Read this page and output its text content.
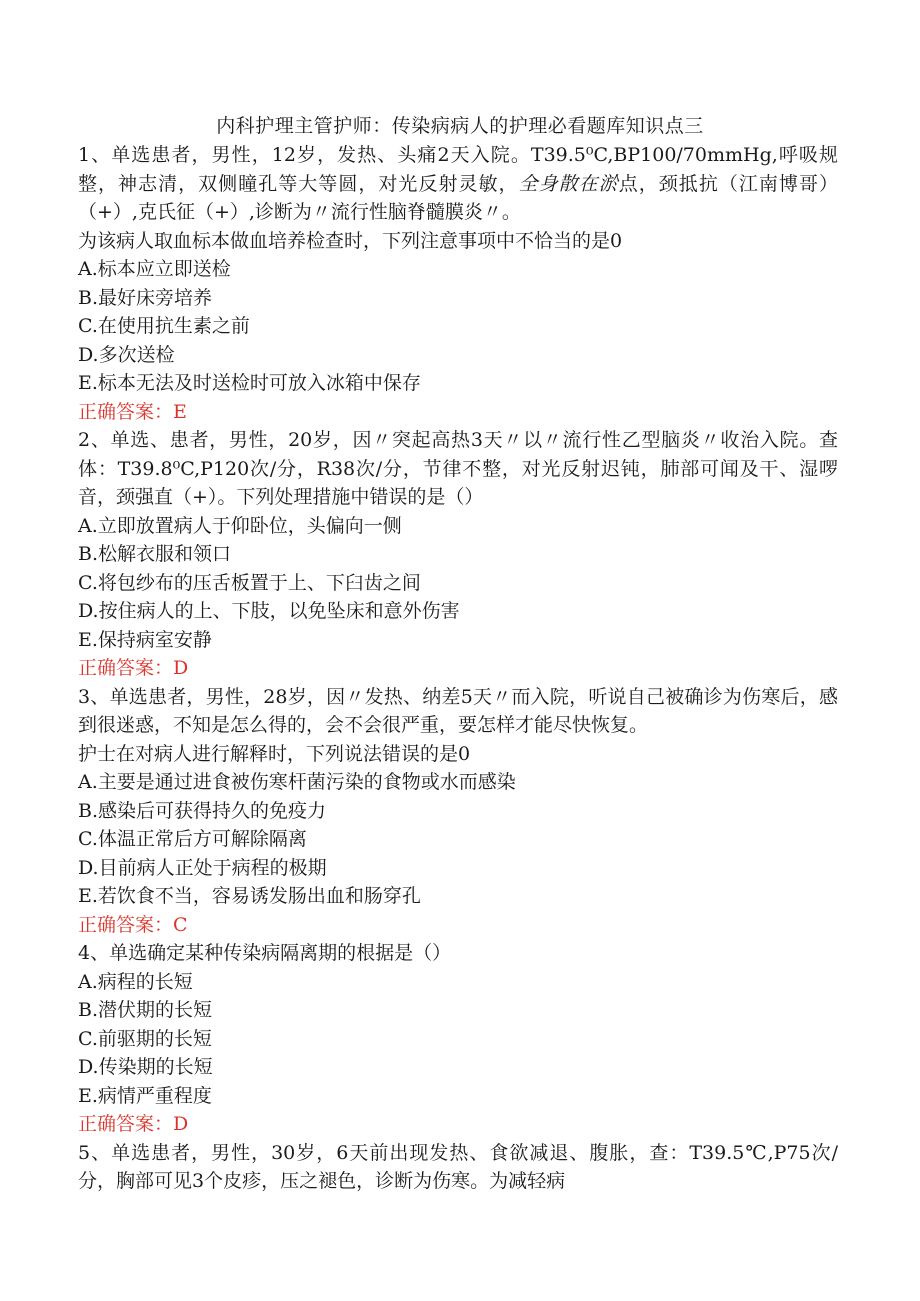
内科护理主管护师：传染病病人的护理必看题库知识点三

1、单选患者，男性，12岁，发热、头痛2天入院。T39.5⁰C,BP100/70mmHg,呼吸规整，神志清，双侧瞳孔等大等圆，对光反射灵敏，全身散在淤点，颈抵抗（江南博哥）（+）,克氏征（+）,诊断为〃流行性脑脊髓膜炎〃。

为该病人取血标本做血培养检查时，下列注意事项中不恰当的是0

A.标本应立即送检

B.最好床旁培养

C.在使用抗生素之前

D.多次送检

E.标本无法及时送检时可放入冰箱中保存

正确答案：E

2、单选、患者，男性，20岁，因〃突起高热3天〃以〃流行性乙型脑炎〃收治入院。查体：T39.8⁰C,P120次/分，R38次/分，节律不整，对光反射迟钝，肺部可闻及干、湿啰音，颈强直（+）。下列处理措施中错误的是（）

A.立即放置病人于仰卧位，头偏向一侧

B.松解衣服和领口

C.将包纱布的压舌板置于上、下臼齿之间

D.按住病人的上、下肢，以免坠床和意外伤害

E.保持病室安静

正确答案：D

3、单选患者，男性，28岁，因〃发热、纳差5天〃而入院，听说自己被确诊为伤寒后，感到很迷惑，不知是怎么得的，会不会很严重，要怎样才能尽快恢复。

护士在对病人进行解释时，下列说法错误的是0

A.主要是通过进食被伤寒杆菌污染的食物或水而感染

B.感染后可获得持久的免疫力

C.体温正常后方可解除隔离

D.目前病人正处于病程的极期

E.若饮食不当，容易诱发肠出血和肠穿孔

正确答案：C

4、单选确定某种传染病隔离期的根据是（）

A.病程的长短

B.潜伏期的长短

C.前驱期的长短

D.传染期的长短

E.病情严重程度

正确答案：D

5、单选患者，男性，30岁，6天前出现发热、食欲减退、腹胀，查：T39.5℃,P75次/分，胸部可见3个皮疹，压之褪色，诊断为伤寒。为减轻病
